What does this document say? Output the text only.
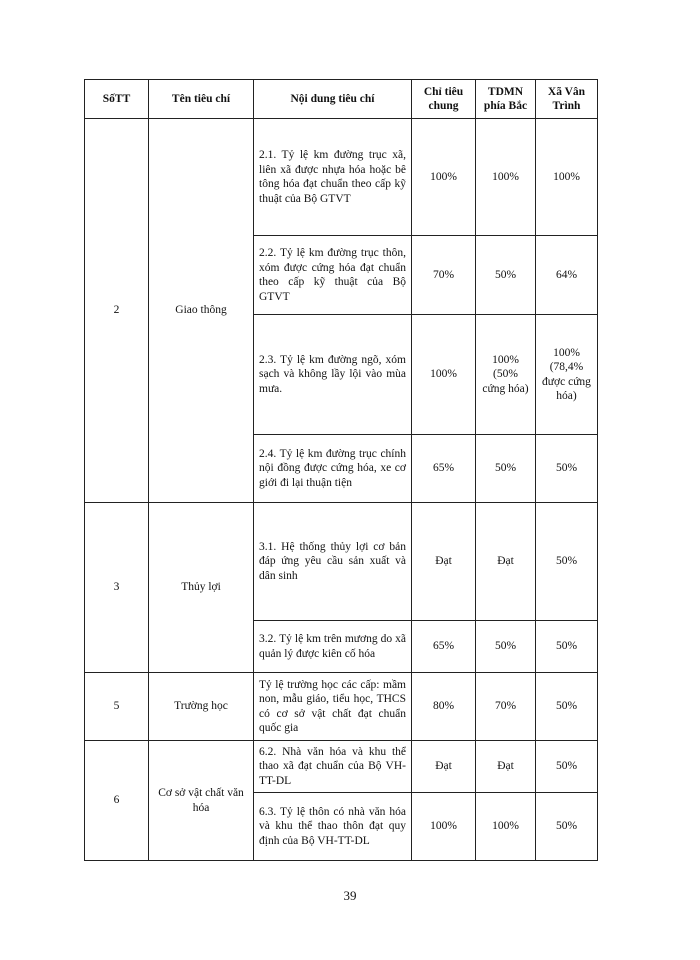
SốTT	Tên tiêu chí	Nội dung tiêu chí	Chỉ tiêu chung	TDMN phía Bắc	Xã Vân Trình
2	Giao thông	2.1. Tỷ lệ km đường trục xã, liên xã được nhựa hóa hoặc bê tông hóa đạt chuẩn theo cấp kỹ thuật của Bộ GTVT	100%	100%	100%
		2.2. Tỷ lệ km đường trục thôn, xóm được cứng hóa đạt chuẩn theo cấp kỹ thuật của Bộ GTVT	70%	50%	64%
		2.3. Tỷ lệ km đường ngõ, xóm sạch và không lầy lội vào mùa mưa.	100%	100% (50% cứng hóa)	100% (78,4% được cứng hóa)
		2.4. Tỷ lệ km đường trục chính nội đồng được cứng hóa, xe cơ giới đi lại thuận tiện	65%	50%	50%
3	Thủy lợi	3.1. Hệ thống thủy lợi cơ bản đáp ứng yêu cầu sản xuất và dân sinh	Đạt	Đạt	50%
		3.2. Tỷ lệ km trên mương do xã quản lý được kiên cố hóa	65%	50%	50%
5	Trường học	Tỷ lệ trường học các cấp: mầm non, mẫu giáo, tiểu học, THCS có cơ sở vật chất đạt chuẩn quốc gia	80%	70%	50%
6	Cơ sở vật chất văn hóa	6.2. Nhà văn hóa và khu thể thao xã đạt chuẩn của Bộ VH-TT-DL	Đạt	Đạt	50%
		6.3. Tỷ lệ thôn có nhà văn hóa và khu thể thao thôn đạt quy định của Bộ VH-TT-DL	100%	100%	50%
39
